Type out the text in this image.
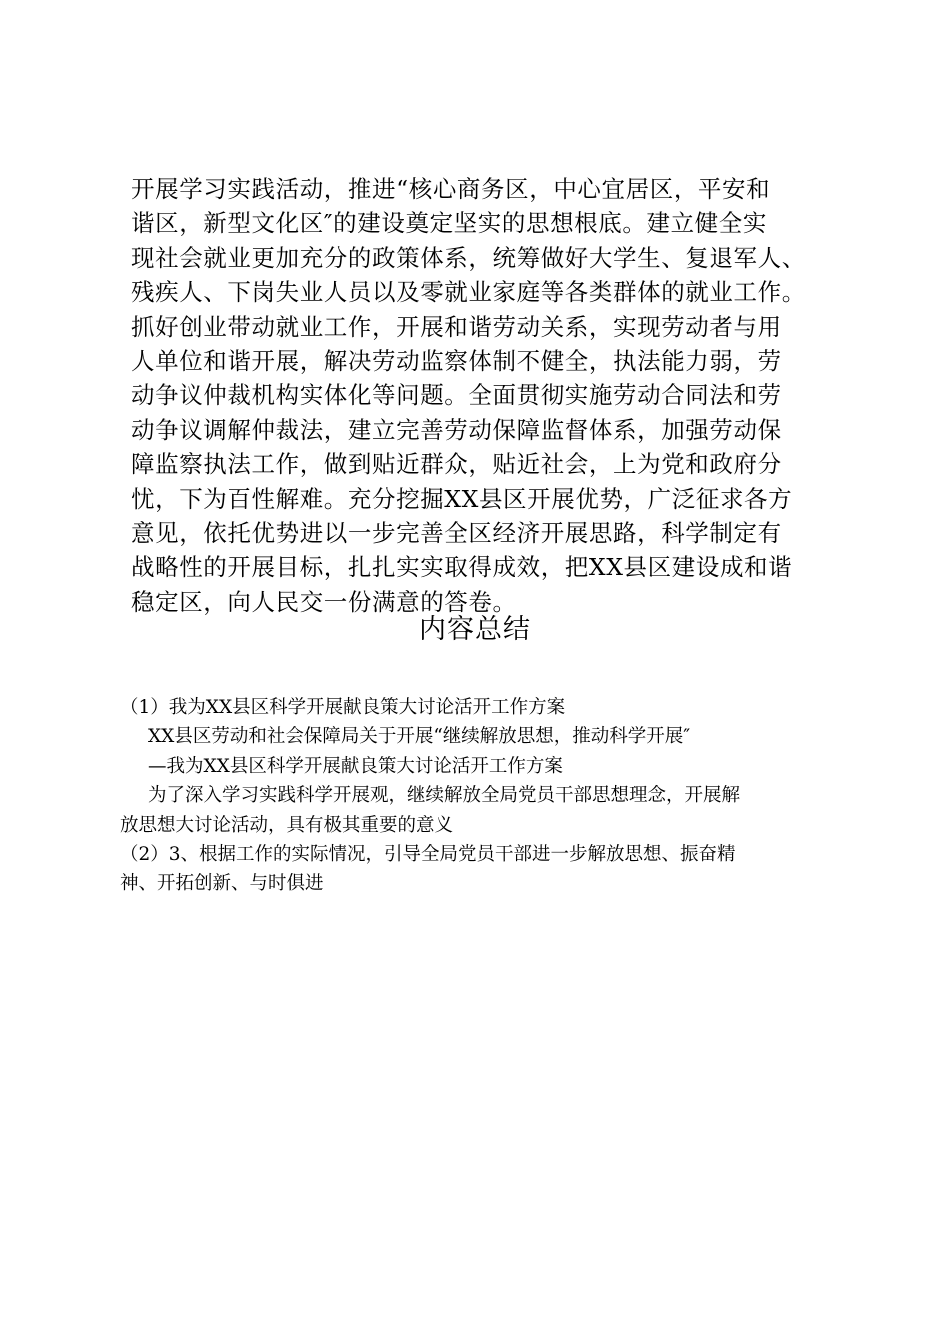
开展学习实践活动，推进“核心商务区，中心宜居区，平安和
谐区，新型文化区″的建设奠定坚实的思想根底。建立健全实
现社会就业更加充分的政策体系，统筹做好大学生、复退军人、
残疾人、下岗失业人员以及零就业家庭等各类群体的就业工作。
抓好创业带动就业工作，开展和谐劳动关系，实现劳动者与用
人单位和谐开展，解决劳动监察体制不健全，执法能力弱，劳
动争议仲裁机构实体化等问题。全面贯彻实施劳动合同法和劳
动争议调解仲裁法，建立完善劳动保障监督体系，加强劳动保
障监察执法工作，做到贴近群众，贴近社会，上为党和政府分
忧，下为百性解难。充分挖掘XX县区开展优势，广泛征求各方
意见，依托优势进以一步完善全区经济开展思路，科学制定有
战略性的开展目标，扎扎实实取得成效，把XX县区建设成和谐
稳定区，向人民交一份满意的答卷。
内容总结
（1）我为XX县区科学开展献良策大讨论活开工作方案
XX县区劳动和社会保障局关于开展“继续解放思想，推动科学开展″
—我为XX县区科学开展献良策大讨论活开工作方案
为了深入学习实践科学开展观，继续解放全局党员干部思想理念，开展解
放思想大讨论活动，具有极其重要的意义
（2）3、根据工作的实际情况，引导全局党员干部进一步解放思想、振奋精
神、开拓创新、与时俱进
